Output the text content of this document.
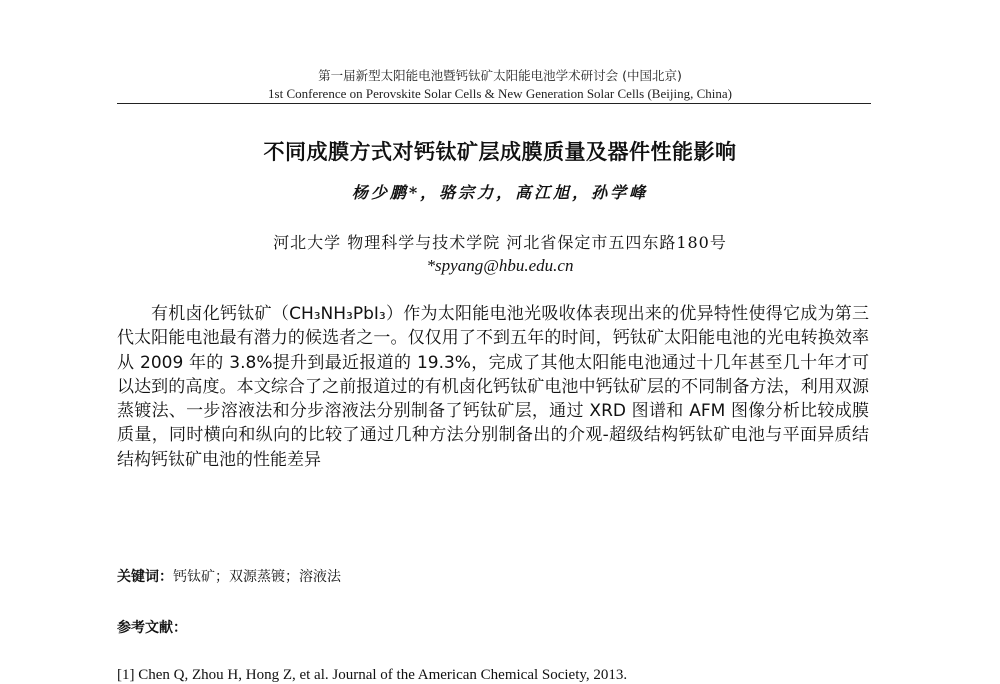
第一届新型太阳能电池暨钙钛矿太阳能电池学术研讨会 (中国北京)
1st Conference on Perovskite Solar Cells & New Generation Solar Cells (Beijing, China)
不同成膜方式对钙钛矿层成膜质量及器件性能影响
杨少鹏*，骆宗力，高江旭，孙学峰
河北大学 物理科学与技术学院 河北省保定市五四东路180号
*spyang@hbu.edu.cn

有机卤化钙钛矿（CH₃NH₃PbI₃）作为太阳能电池光吸收体表现出来的优异特性使得它成为第三代太阳能电池最有潜力的候选者之一。仅仅用了不到五年的时间，钙钛矿太阳能电池的光电转换效率从 2009 年的 3.8%提升到最近报道的 19.3%，完成了其他太阳能电池通过十几年甚至几十年才可以达到的高度。本文综合了之前报道过的有机卤化钙钛矿电池中钙钛矿层的不同制备方法，利用双源蒸镀法、一步溶液法和分步溶液法分别制备了钙钛矿层，通过 XRD 图谱和 AFM 图像分析比较成膜质量，同时横向和纵向的比较了通过几种方法分别制备出的介观-超级结构钙钛矿电池与平面异质结结构钙钛矿电池的性能差异

关键词：钙钛矿；双源蒸镀；溶液法
参考文献：
[1] Chen Q, Zhou H, Hong Z, et al. Journal of the American Chemical Society, 2013.
